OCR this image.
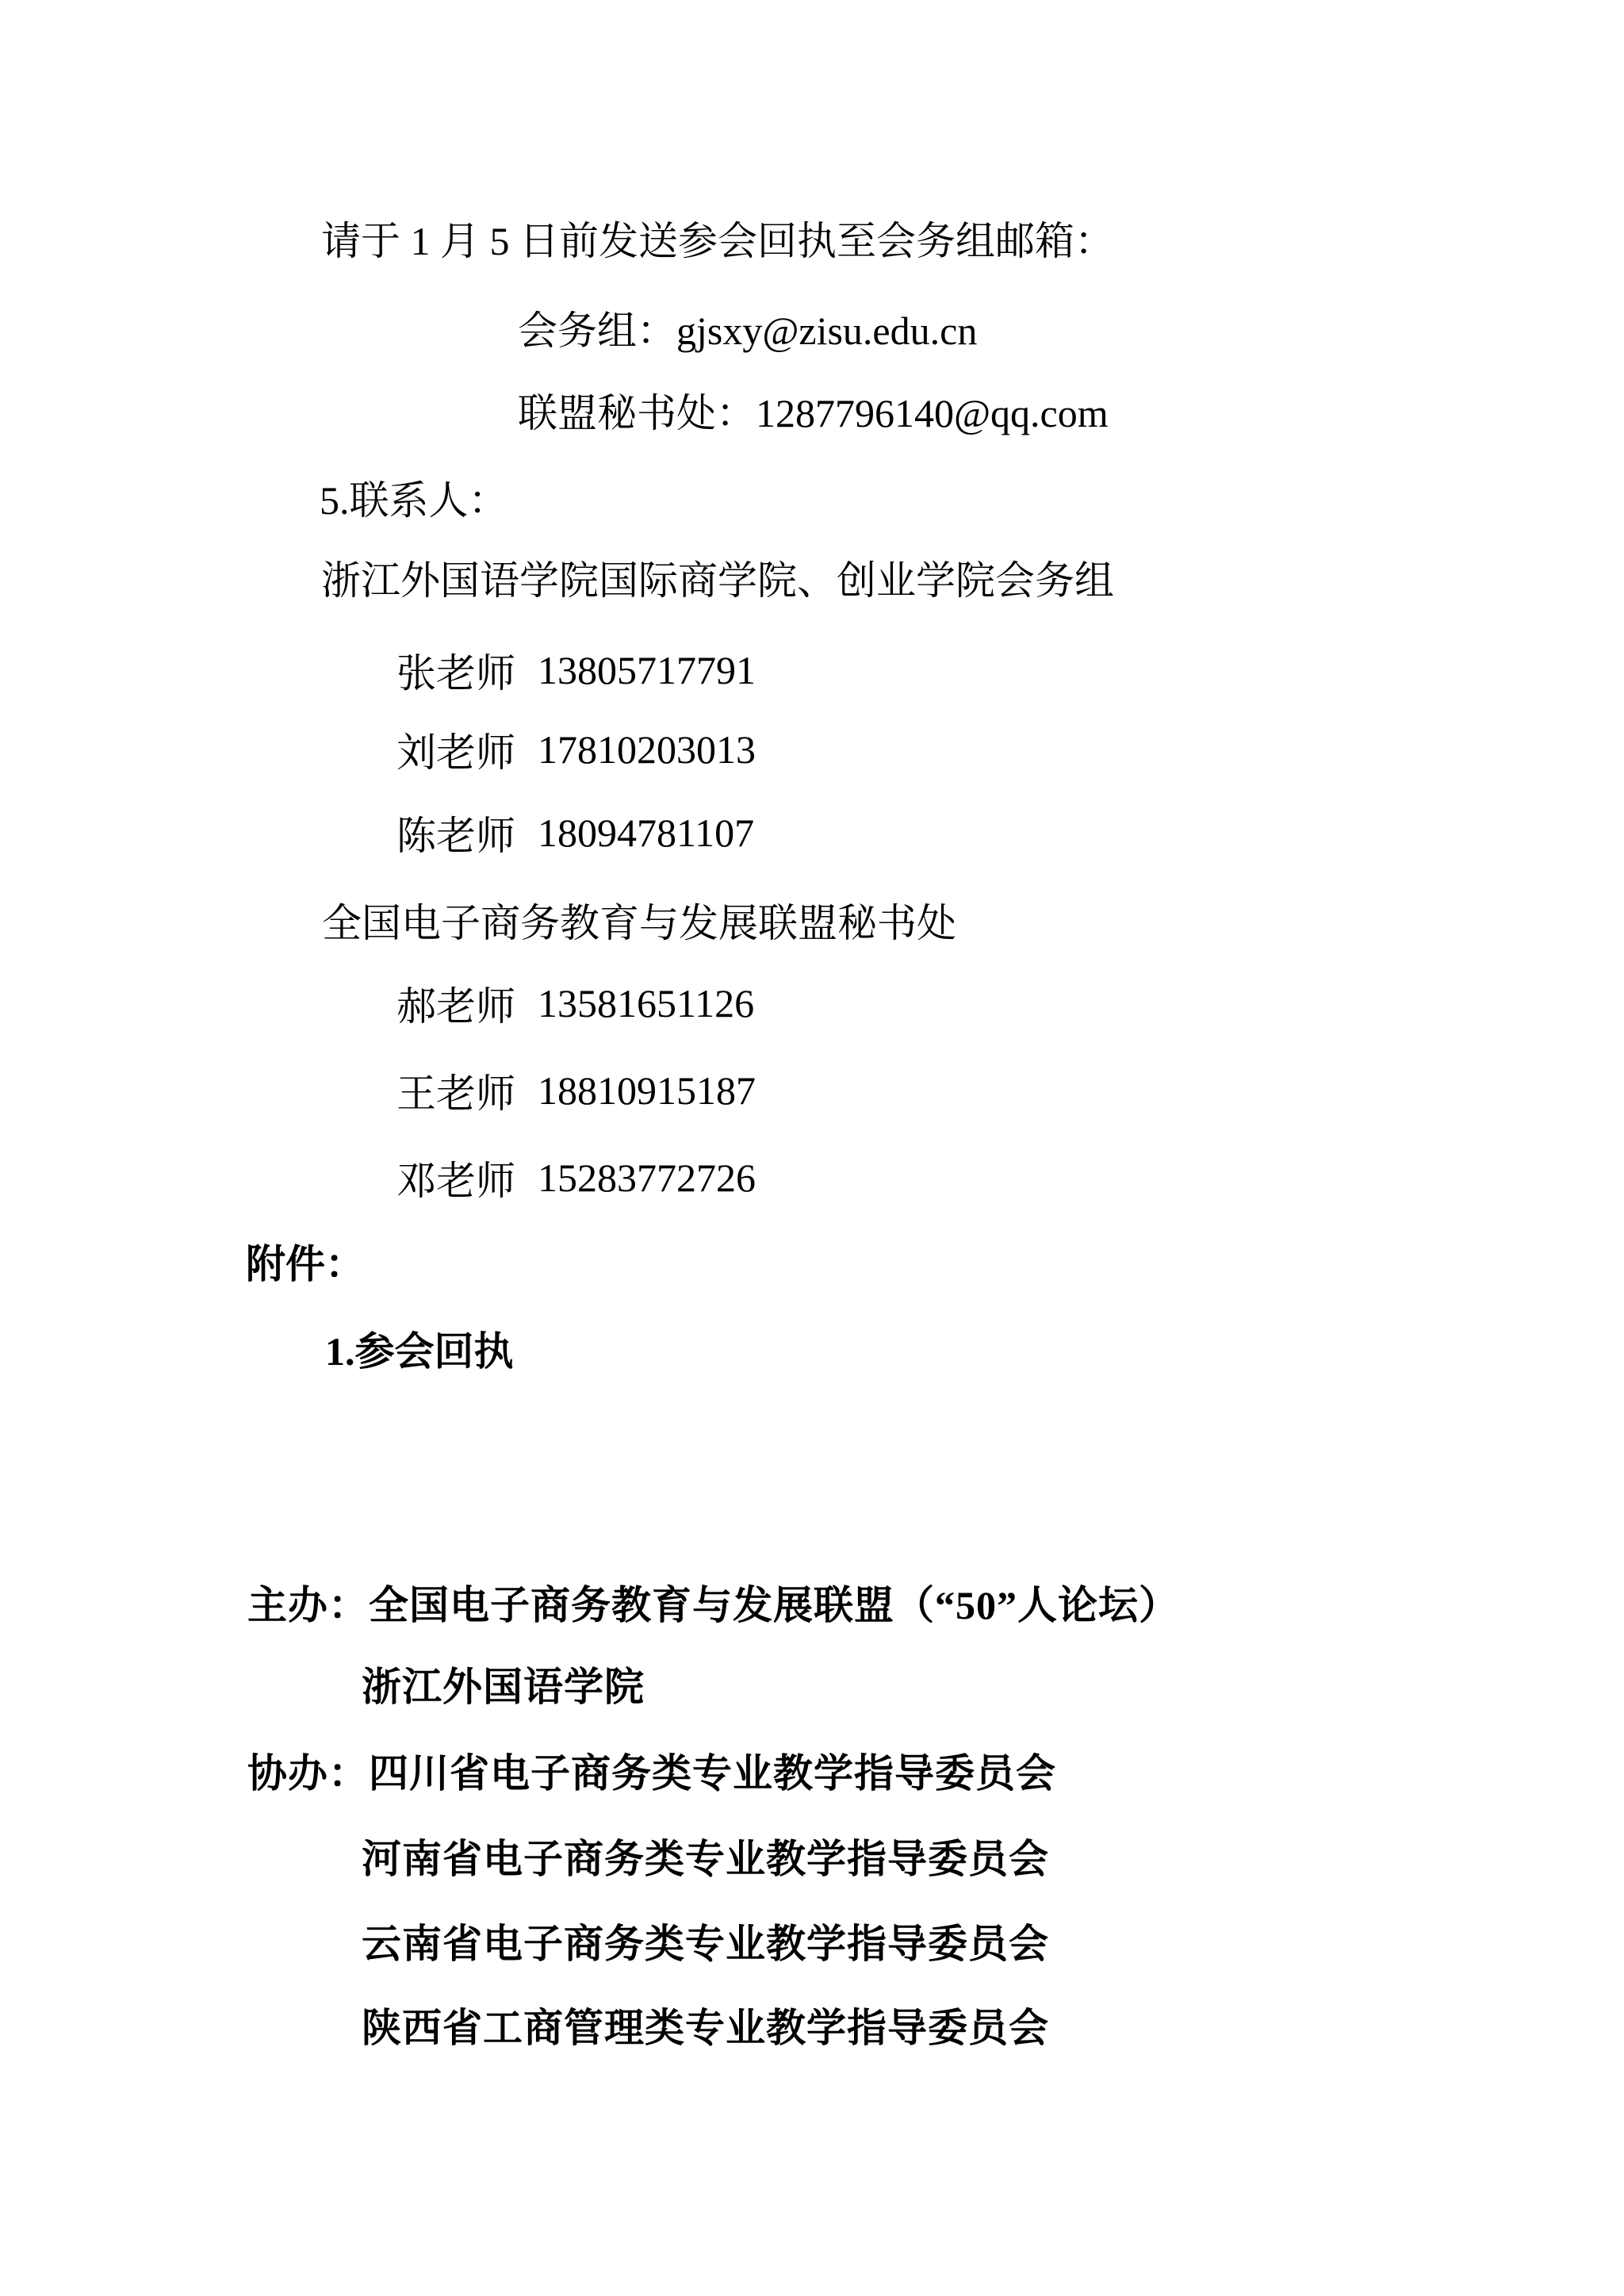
请于 1 月 5 日前发送参会回执至会务组邮箱：
会务组：gjsxy@zisu.edu.cn
联盟秘书处：1287796140@qq.com
5.联系人：
浙江外国语学院国际商学院、创业学院会务组
张老师 13805717791
刘老师 17810203013
陈老师 18094781107
全国电子商务教育与发展联盟秘书处
郝老师 13581651126
王老师 18810915187
邓老师 15283772726
附件：
1.参会回执
主办： 全国电子商务教育与发展联盟（“50”人论坛）
浙江外国语学院
协办： 四川省电子商务类专业教学指导委员会
河南省电子商务类专业教学指导委员会
云南省电子商务类专业教学指导委员会
陕西省工商管理类专业教学指导委员会
